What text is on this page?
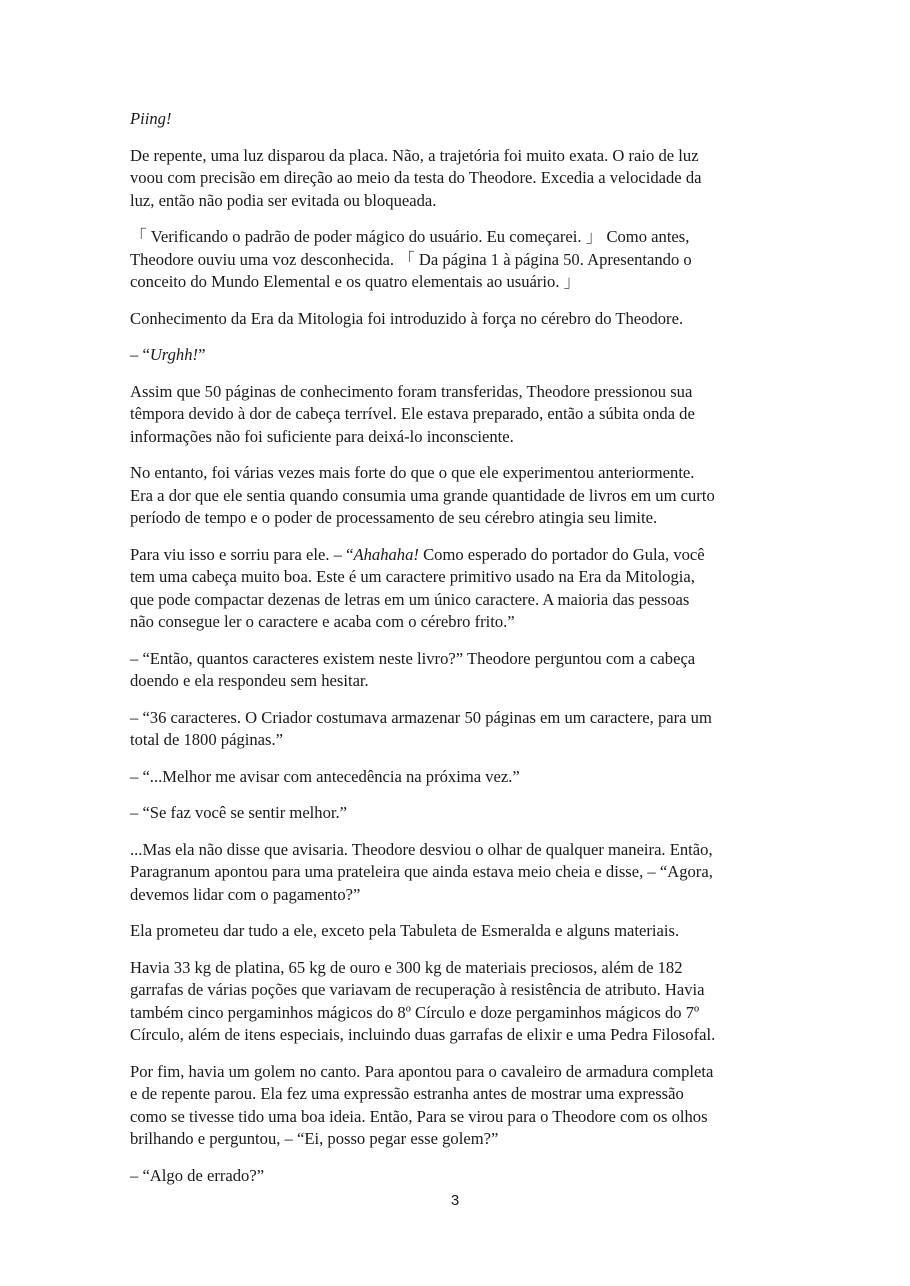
Piing!

De repente, uma luz disparou da placa. Não, a trajetória foi muito exata. O raio de luz
voou com precisão em direção ao meio da testa do Theodore. Excedia a velocidade da
luz, então não podia ser evitada ou bloqueada.

「 Verificando o padrão de poder mágico do usuário. Eu começarei. 」 Como antes,
Theodore ouviu uma voz desconhecida. 「 Da página 1 à página 50. Apresentando o
conceito do Mundo Elemental e os quatro elementais ao usuário. 」

Conhecimento da Era da Mitologia foi introduzido à força no cérebro do Theodore.

– “Urghh!”

Assim que 50 páginas de conhecimento foram transferidas, Theodore pressionou sua
têmpora devido à dor de cabeça terrível. Ele estava preparado, então a súbita onda de
informações não foi suficiente para deixá-lo inconsciente.

No entanto, foi várias vezes mais forte do que o que ele experimentou anteriormente.
Era a dor que ele sentia quando consumia uma grande quantidade de livros em um curto
período de tempo e o poder de processamento de seu cérebro atingia seu limite.

Para viu isso e sorriu para ele. – “Ahahaha! Como esperado do portador do Gula, você
tem uma cabeça muito boa. Este é um caractere primitivo usado na Era da Mitologia,
que pode compactar dezenas de letras em um único caractere. A maioria das pessoas
não consegue ler o caractere e acaba com o cérebro frito.”

– “Então, quantos caracteres existem neste livro?” Theodore perguntou com a cabeça
doendo e ela respondeu sem hesitar.

– “36 caracteres. O Criador costumava armazenar 50 páginas em um caractere, para um
total de 1800 páginas.”

– “...Melhor me avisar com antecedência na próxima vez.”

– “Se faz você se sentir melhor.”

...Mas ela não disse que avisaria. Theodore desviou o olhar de qualquer maneira. Então,
Paragranum apontou para uma prateleira que ainda estava meio cheia e disse, – “Agora,
devemos lidar com o pagamento?”

Ela prometeu dar tudo a ele, exceto pela Tabuleta de Esmeralda e alguns materiais.

Havia 33 kg de platina, 65 kg de ouro e 300 kg de materiais preciosos, além de 182
garrafas de várias poções que variavam de recuperação à resistência de atributo. Havia
também cinco pergaminhos mágicos do 8º Círculo e doze pergaminhos mágicos do 7º
Círculo, além de itens especiais, incluindo duas garrafas de elixir e uma Pedra Filosofal.

Por fim, havia um golem no canto. Para apontou para o cavaleiro de armadura completa
e de repente parou. Ela fez uma expressão estranha antes de mostrar uma expressão
como se tivesse tido uma boa ideia. Então, Para se virou para o Theodore com os olhos
brilhando e perguntou, – “Ei, posso pegar esse golem?”

– “Algo de errado?”

3
